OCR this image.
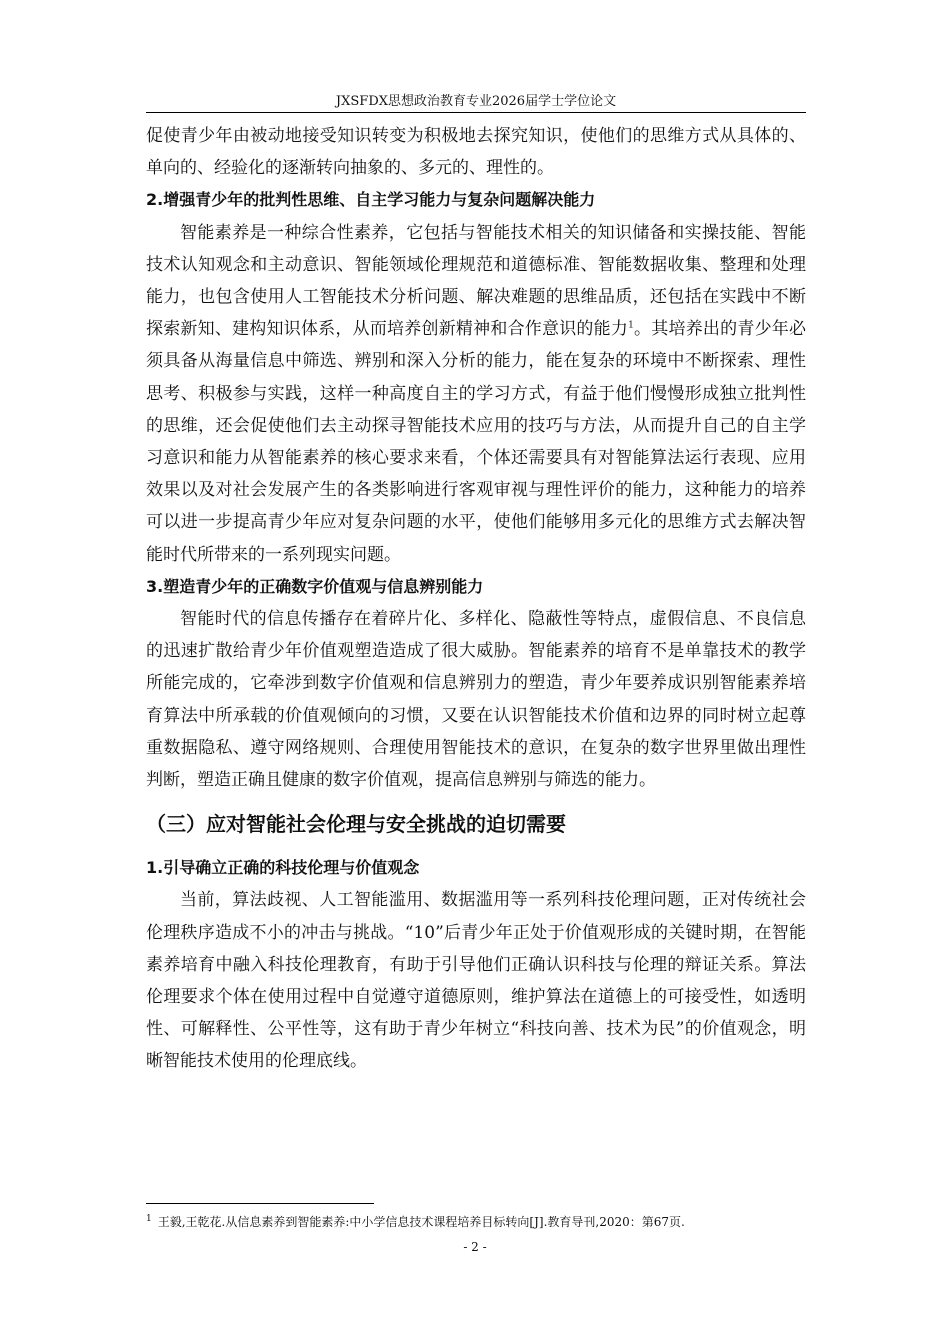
JXSFDX思想政治教育专业2026届学士学位论文

促使青少年由被动地接受知识转变为积极地去探究知识，使他们的思维方式从具体的、单向的、经验化的逐渐转向抽象的、多元的、理性的。

2.增强青少年的批判性思维、自主学习能力与复杂问题解决能力

智能素养是一种综合性素养，它包括与智能技术相关的知识储备和实操技能、智能技术认知观念和主动意识、智能领域伦理规范和道德标准、智能数据收集、整理和处理能力，也包含使用人工智能技术分析问题、解决难题的思维品质，还包括在实践中不断探索新知、建构知识体系，从而培养创新精神和合作意识的能力$^1$。其培养出的青少年必须具备从海量信息中筛选、辨别和深入分析的能力，能在复杂的环境中不断探索、理性思考、积极参与实践，这样一种高度自主的学习方式，有益于他们慢慢形成独立批判性的思维，还会促使他们去主动探寻智能技术应用的技巧与方法，从而提升自己的自主学习意识和能力从智能素养的核心要求来看，个体还需要具有对智能算法运行表现、应用效果以及对社会发展产生的各类影响进行客观审视与理性评价的能力，这种能力的培养可以进一步提高青少年应对复杂问题的水平，使他们能够用多元化的思维方式去解决智能时代所带来的一系列现实问题。

3.塑造青少年的正确数字价值观与信息辨别能力

智能时代的信息传播存在着碎片化、多样化、隐蔽性等特点，虚假信息、不良信息的迅速扩散给青少年价值观塑造造成了很大威胁。智能素养的培育不是单靠技术的教学所能完成的，它牵涉到数字价值观和信息辨别力的塑造，青少年要养成识别智能素养培育算法中所承载的价值观倾向的习惯，又要在认识智能技术价值和边界的同时树立起尊重数据隐私、遵守网络规则、合理使用智能技术的意识，在复杂的数字世界里做出理性判断，塑造正确且健康的数字价值观，提高信息辨别与筛选的能力。

（三）应对智能社会伦理与安全挑战的迫切需要

1.引导确立正确的科技伦理与价值观念

当前，算法歧视、人工智能滥用、数据滥用等一系列科技伦理问题，正对传统社会伦理秩序造成不小的冲击与挑战。“10”后青少年正处于价值观形成的关键时期，在智能素养培育中融入科技伦理教育，有助于引导他们正确认识科技与伦理的辩证关系。算法伦理要求个体在使用过程中自觉遵守道德原则，维护算法在道德上的可接受性，如透明性、可解释性、公平性等，这有助于青少年树立“科技向善、技术为民”的价值观念，明晰智能技术使用的伦理底线。

$^1$ 王毅,王乾花.从信息素养到智能素养:中小学信息技术课程培养目标转向[J].教育导刊,2020：第67页.
- 2 -
